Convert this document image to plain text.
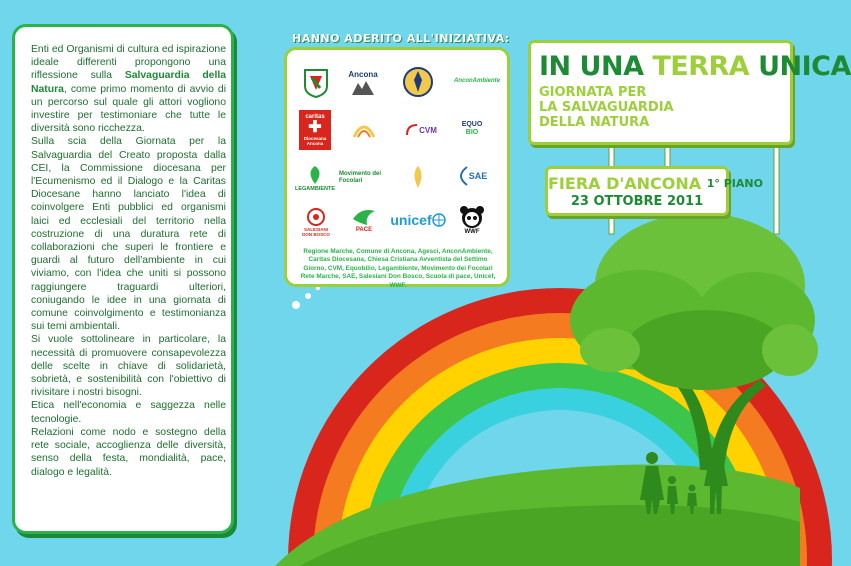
Enti ed Organismi di cultura ed ispirazione ideale differenti propongono una riflessione sulla Salvaguardia della Natura, come primo momento di avvio di un percorso sul quale gli attori vogliono investire per testimoniare che tutte le diversità sono ricchezza.

Sulla scia della Giornata per la Salvaguardia del Creato proposta dalla CEI, la Commissione diocesana per l'Ecumenismo ed il Dialogo e la Caritas Diocesane hanno lanciato l'idea di coinvolgere Enti pubblici ed organismi laici ed ecclesiali del territorio nella costruzione di una duratura rete di collaborazioni che superi le frontiere e guardi al futuro dell'ambiente in cui viviamo, con l'idea che uniti si possono raggiungere traguardi ulteriori, coniugando le idee in una giornata di comune coinvolgimento e testimonianza sui temi ambientali.

Si vuole sottolineare in particolare, la necessità di promuovere consapevolezza delle scelte in chiave di solidarietà, sobrietà, e sostenibilità con l'obiettivo di rivisitare i nostri bisogni.

Etica nell'economia e saggezza nelle tecnologie.

Relazioni come nodo e sostegno della rete sociale, accoglienza delle diversità, senso della festa, mondialità, pace, dialogo e legalità.

HANNO ADERITO ALL'INIZIATIVA:
Ancona
AnconAmbiente
caritas
✚
Diocesana Ancona
CVM
EQUO
BIO
LEGAMBIENTE
Movimento dei Focolari	SAE
SALESIANI DON BOSCO
PACE
unicef
WWF
Regione Marche, Comune di Ancona, Agesci, AnconAmbiente, Caritas Diocesana, Chiesa Cristiana Avventista del Settimo Giorno, CVM, Equobilio, Legambiente, Movimento dei Focolari Rete Marche, SAE, Salesiani Don Bosco, Scuola di pace, Unicef, WWF.
IN UNA TERRA UNICA
GIORNATA PER
LA SALVAGUARDIA
DELLA NATURA
FIERA D'ANCONA 1° PIANO
23 OTTOBRE 2011
